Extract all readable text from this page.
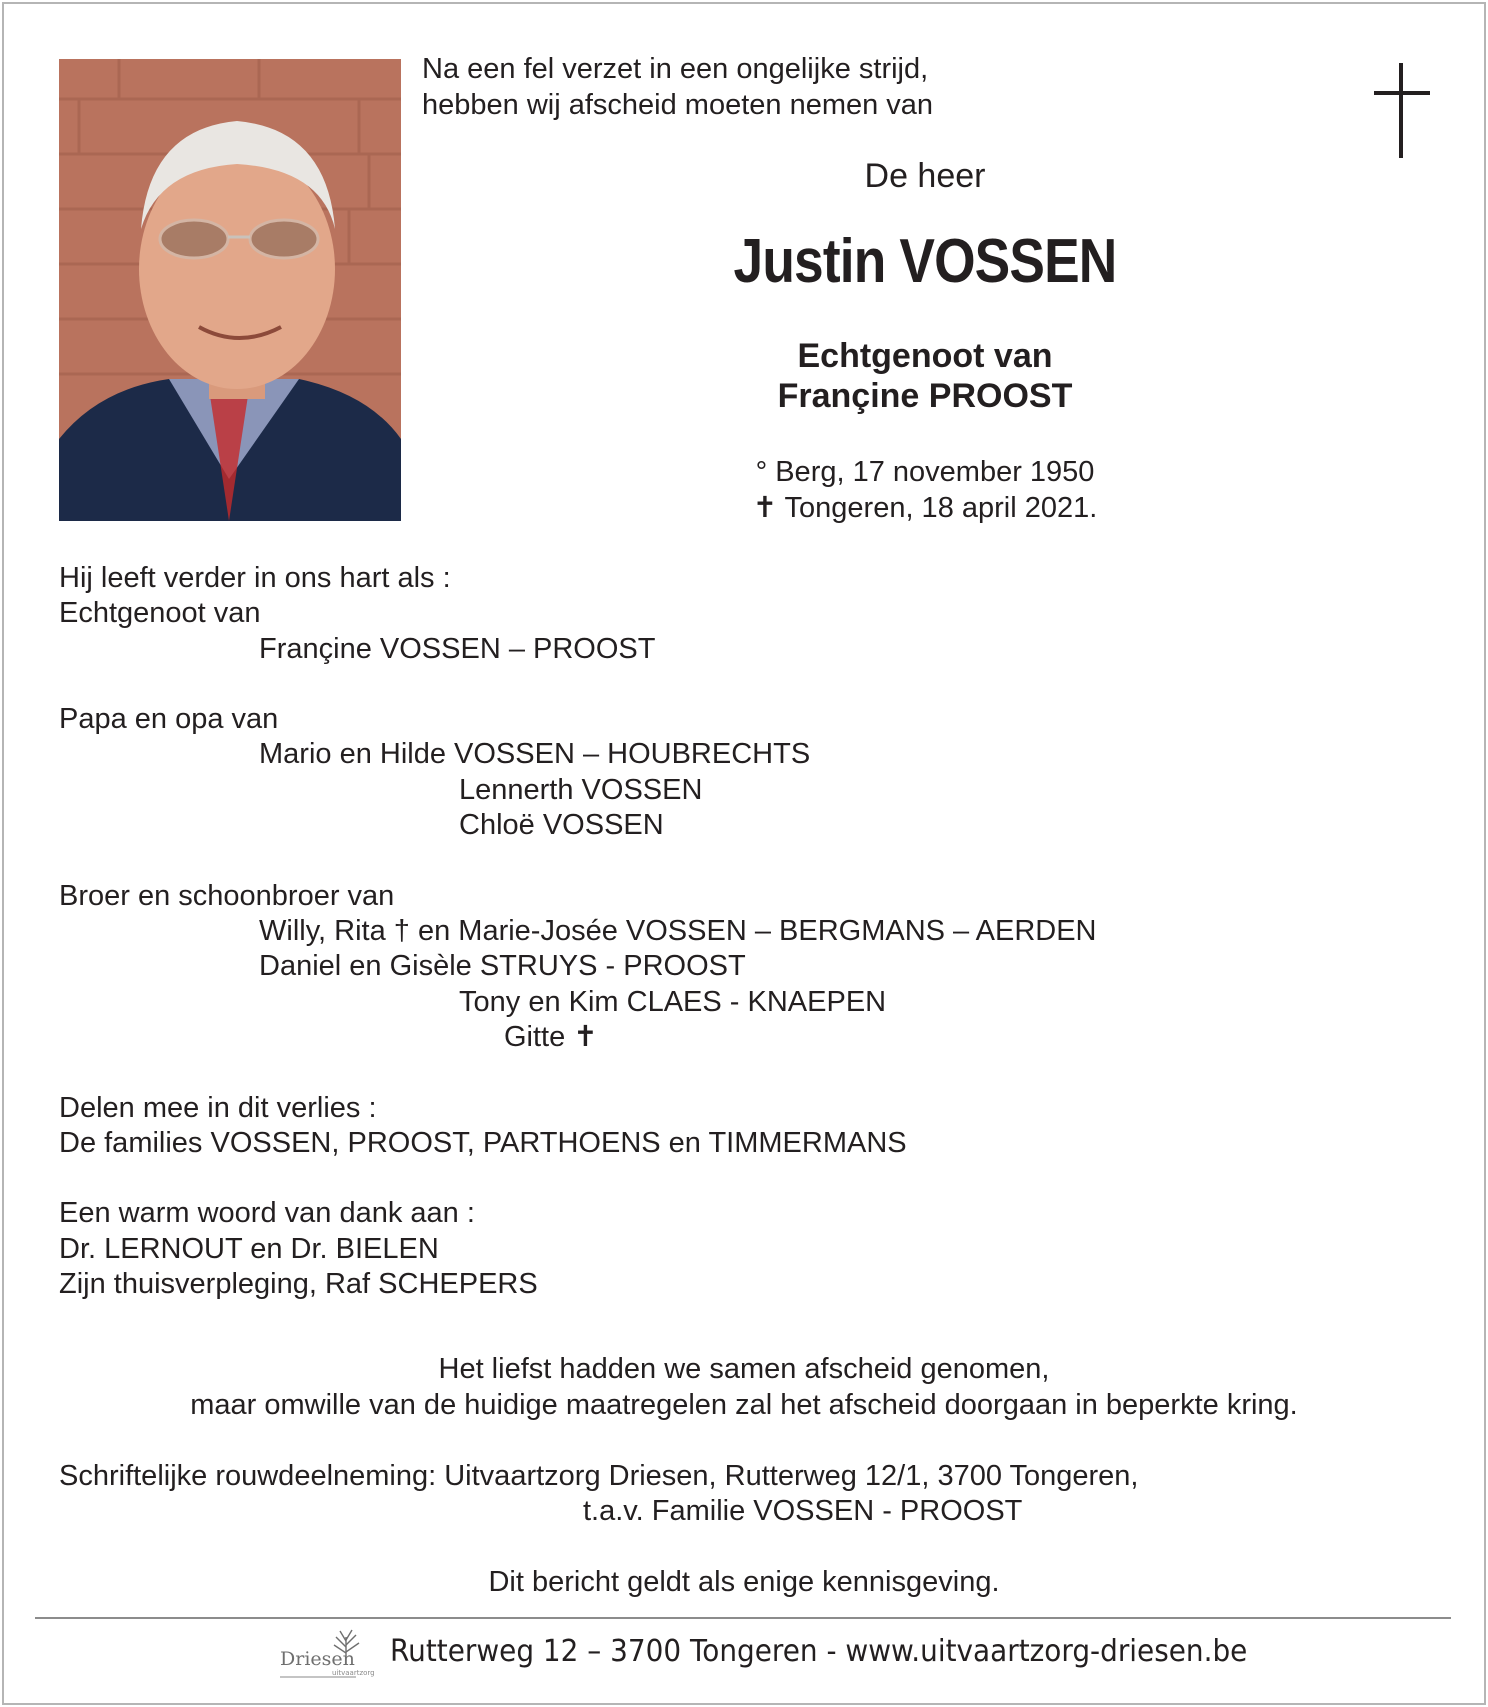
Na een fel verzet in een ongelijke strijd,
hebben wij afscheid moeten nemen van
De heer
Justin VOSSEN
Echtgenoot van
Françine PROOST
° Berg, 17 november 1950
✝ Tongeren, 18 april 2021.
Hij leeft verder in ons hart als :
Echtgenoot van
Françine VOSSEN – PROOST
Papa en opa van
Mario en Hilde VOSSEN – HOUBRECHTS
Lennerth VOSSEN
Chloë VOSSEN
Broer en schoonbroer van
Willy, Rita † en Marie-Josée VOSSEN – BERGMANS – AERDEN
Daniel en Gisèle STRUYS - PROOST
Tony en Kim CLAES - KNAEPEN
Gitte ✝
Delen mee in dit verlies :
De families VOSSEN, PROOST, PARTHOENS en TIMMERMANS
Een warm woord van dank aan :
Dr. LERNOUT en Dr. BIELEN
Zijn thuisverpleging, Raf SCHEPERS
Het liefst hadden we samen afscheid genomen,
maar omwille van de huidige maatregelen zal het afscheid doorgaan in beperkte kring.
Schriftelijke rouwdeelneming: Uitvaartzorg Driesen, Rutterweg 12/1, 3700 Tongeren,
t.a.v. Familie VOSSEN - PROOST
Dit bericht geldt als enige kennisgeving.
Driesen
uitvaartzorg
Rutterweg 12 – 3700 Tongeren - www.uitvaartzorg-driesen.be
